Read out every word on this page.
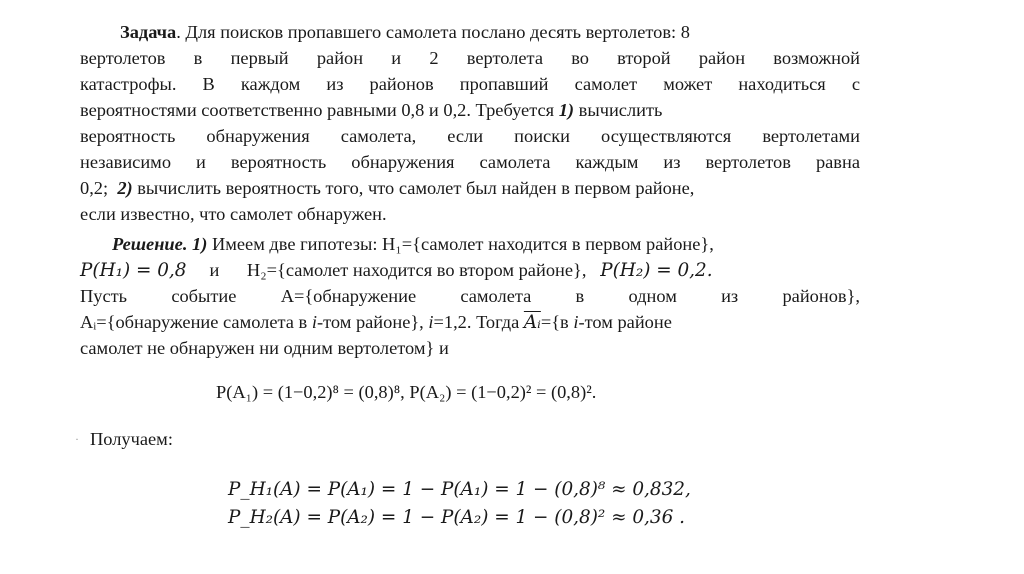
Задача. Для поисков пропавшего самолета послано десять вертолетов: 8

вертолетов в первый район и 2 вертолета во второй район возможной

катастрофы. В каждом из районов пропавший самолет может находиться с

вероятностями соответственно равными 0,8 и 0,2. Требуется 1) вычислить

вероятность обнаружения самолета, если поиски осуществляются вертолетами

независимо и вероятность обнаружения самолета каждым из вертолетов равна

0,2; 2) вычислить вероятность того, что самолет был найден в первом районе,

если известно, что самолет обнаружен.

Решение. 1) Имеем две гипотезы: H₁={самолет находится в первом районе},

P(H₁) = 0,8 и H₂={самолет находится во втором районе}, P(H₂) = 0,2.

Пусть событие A={обнаружение самолета в одном из районов},

Aᵢ={обнаружение самолета в i-том районе}, i=1,2. Тогда $\overline{Aᵢ}=\{в$ i-том районе

самолет не обнаружен ни одним вертолетом} и

P(A₁) = (1−0,2)⁸ = (0,8)⁸, P(A₂) = (1−0,2)² = (0,8)².
· Получаем:
P_H₁(A) = P(A₁) = 1 − P(A₁) = 1 − (0,8)⁸ ≈ 0,832,
P_H₂(A) = P(A₂) = 1 − P(A₂) = 1 − (0,8)² ≈ 0,36 .
